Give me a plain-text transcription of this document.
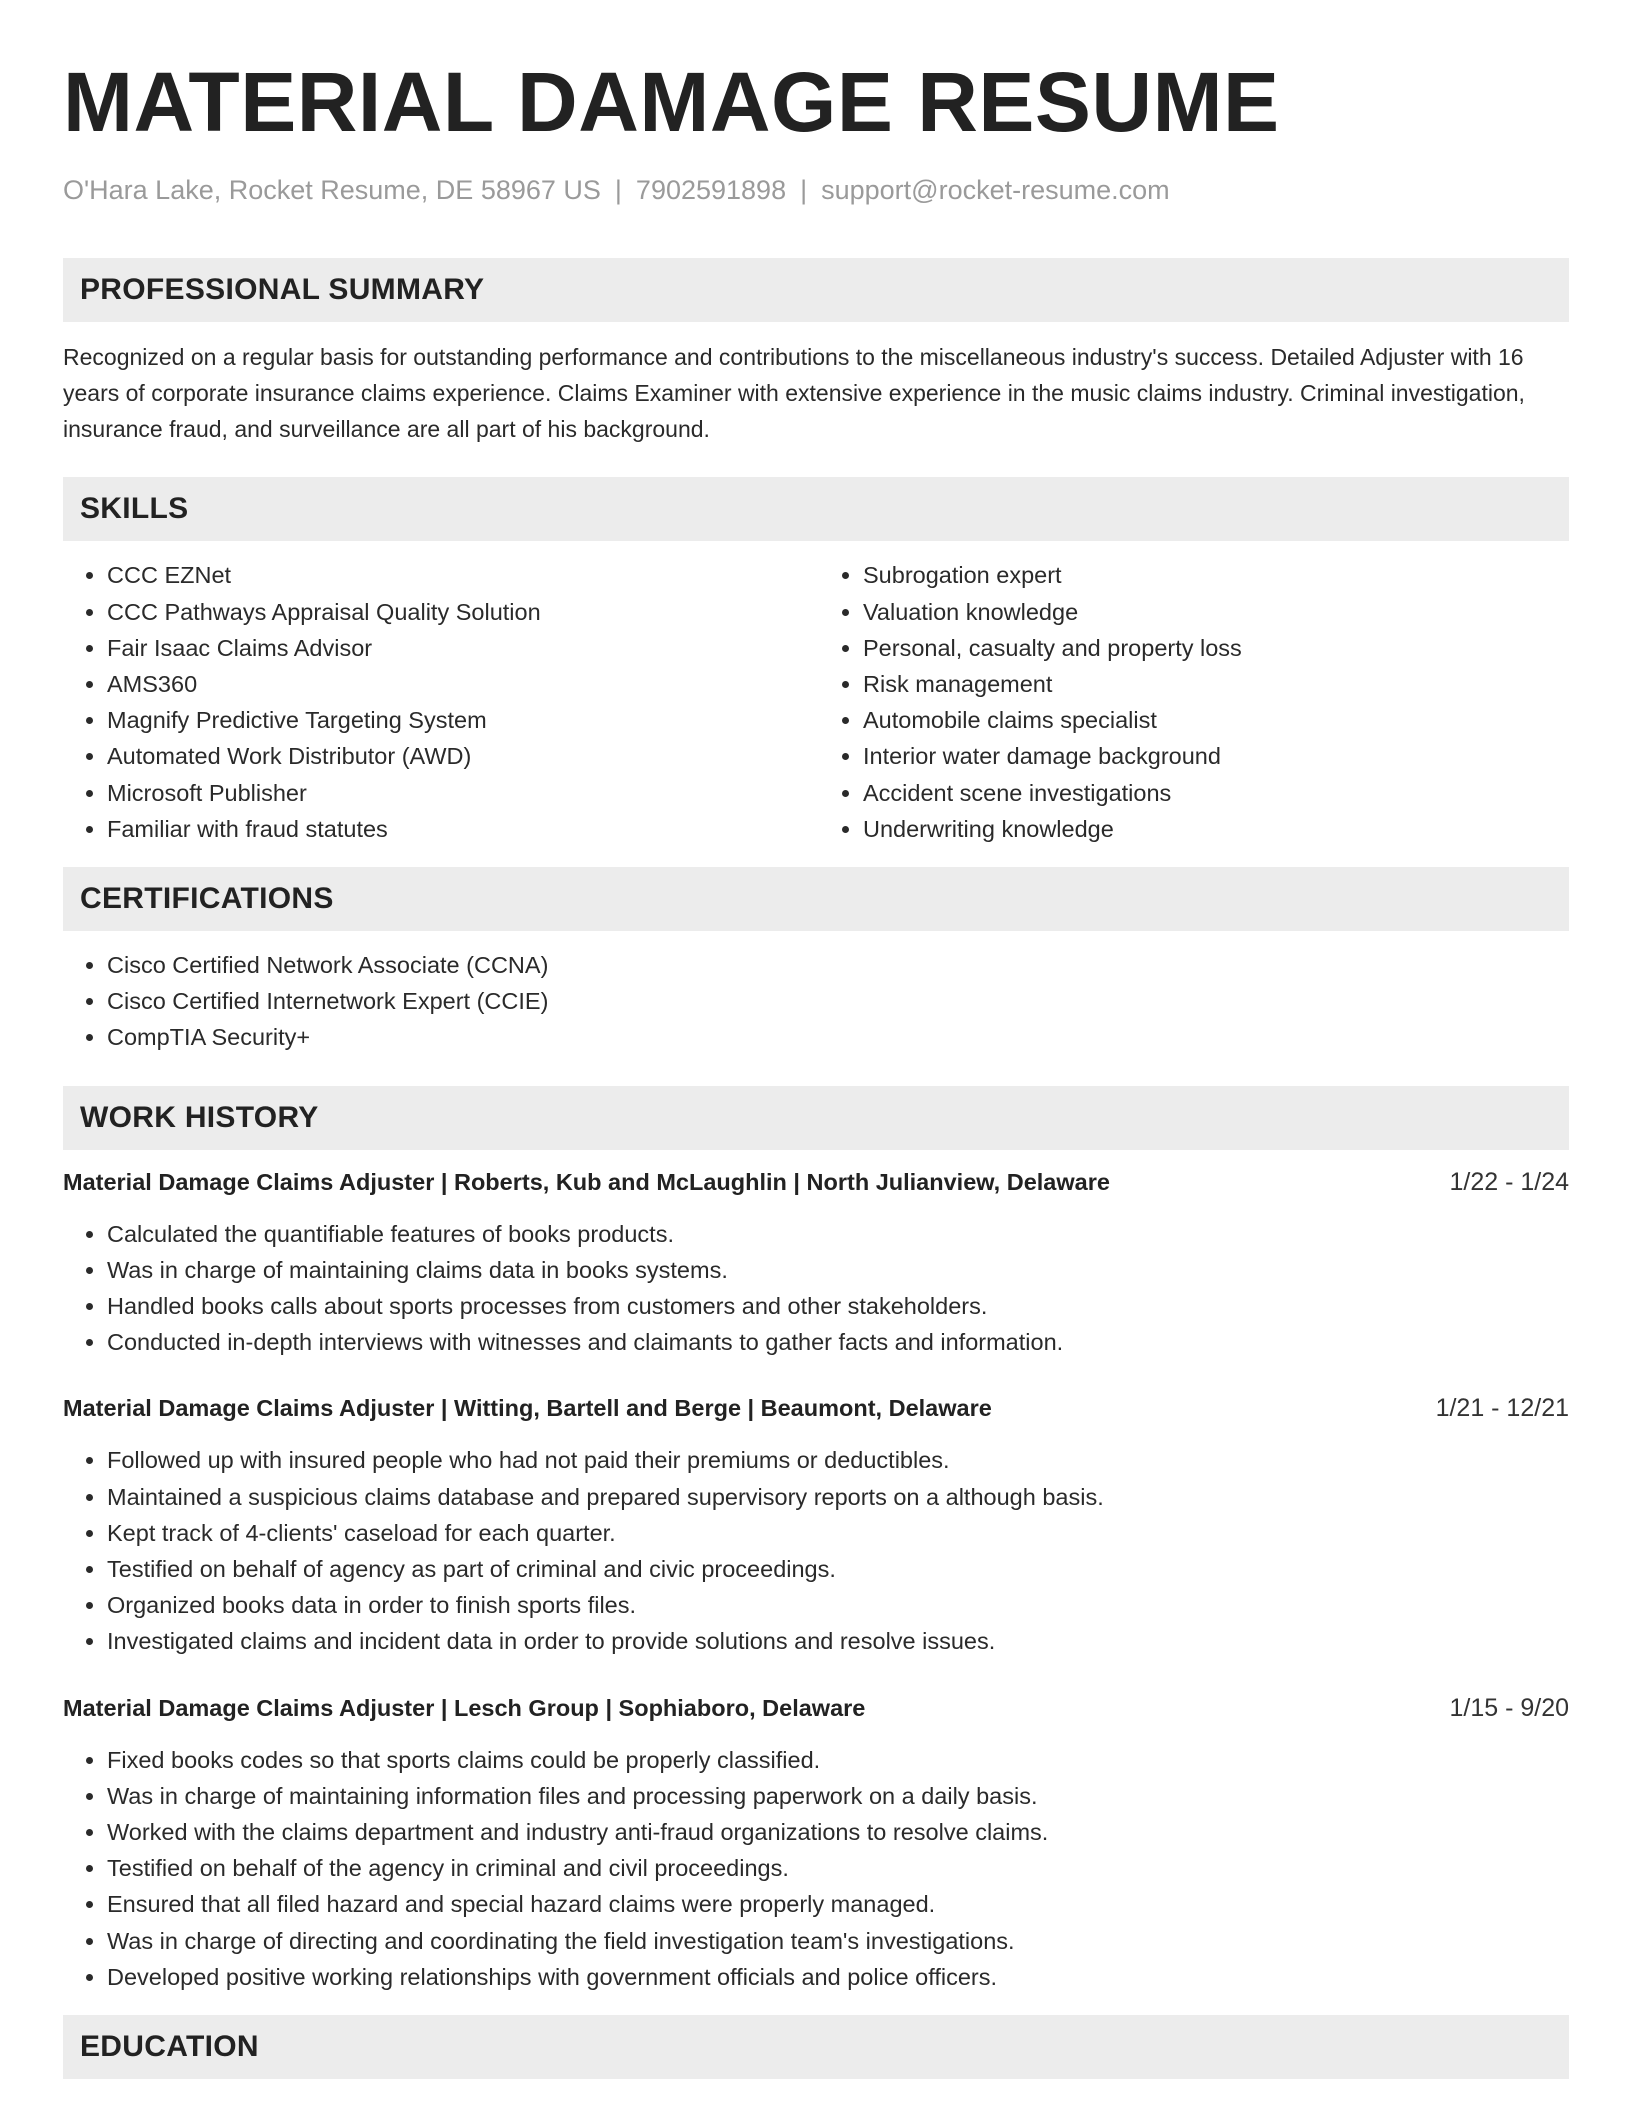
MATERIAL DAMAGE RESUME
O'Hara Lake, Rocket Resume, DE 58967 US | 7902591898 | support@rocket-resume.com
PROFESSIONAL SUMMARY

Recognized on a regular basis for outstanding performance and contributions to the miscellaneous industry's success. Detailed Adjuster with 16 years of corporate insurance claims experience. Claims Examiner with extensive experience in the music claims industry. Criminal investigation, insurance fraud, and surveillance are all part of his background.

SKILLS
• CCC EZNet
• CCC Pathways Appraisal Quality Solution
• Fair Isaac Claims Advisor
• AMS360
• Magnify Predictive Targeting System
• Automated Work Distributor (AWD)
• Microsoft Publisher
• Familiar with fraud statutes
• Subrogation expert
• Valuation knowledge
• Personal, casualty and property loss
• Risk management
• Automobile claims specialist
• Interior water damage background
• Accident scene investigations
• Underwriting knowledge
CERTIFICATIONS
• Cisco Certified Network Associate (CCNA)
• Cisco Certified Internetwork Expert (CCIE)
• CompTIA Security+
WORK HISTORY
Material Damage Claims Adjuster | Roberts, Kub and McLaughlin | North Julianview, Delaware	1/22 - 1/24
• Calculated the quantifiable features of books products.
• Was in charge of maintaining claims data in books systems.
• Handled books calls about sports processes from customers and other stakeholders.
• Conducted in-depth interviews with witnesses and claimants to gather facts and information.
Material Damage Claims Adjuster | Witting, Bartell and Berge | Beaumont, Delaware	1/21 - 12/21
• Followed up with insured people who had not paid their premiums or deductibles.
• Maintained a suspicious claims database and prepared supervisory reports on a although basis.
• Kept track of 4-clients' caseload for each quarter.
• Testified on behalf of agency as part of criminal and civic proceedings.
• Organized books data in order to finish sports files.
• Investigated claims and incident data in order to provide solutions and resolve issues.
Material Damage Claims Adjuster | Lesch Group | Sophiaboro, Delaware	1/15 - 9/20
• Fixed books codes so that sports claims could be properly classified.
• Was in charge of maintaining information files and processing paperwork on a daily basis.
• Worked with the claims department and industry anti-fraud organizations to resolve claims.
• Testified on behalf of the agency in criminal and civil proceedings.
• Ensured that all filed hazard and special hazard claims were properly managed.
• Was in charge of directing and coordinating the field investigation team's investigations.
• Developed positive working relationships with government officials and police officers.
EDUCATION
